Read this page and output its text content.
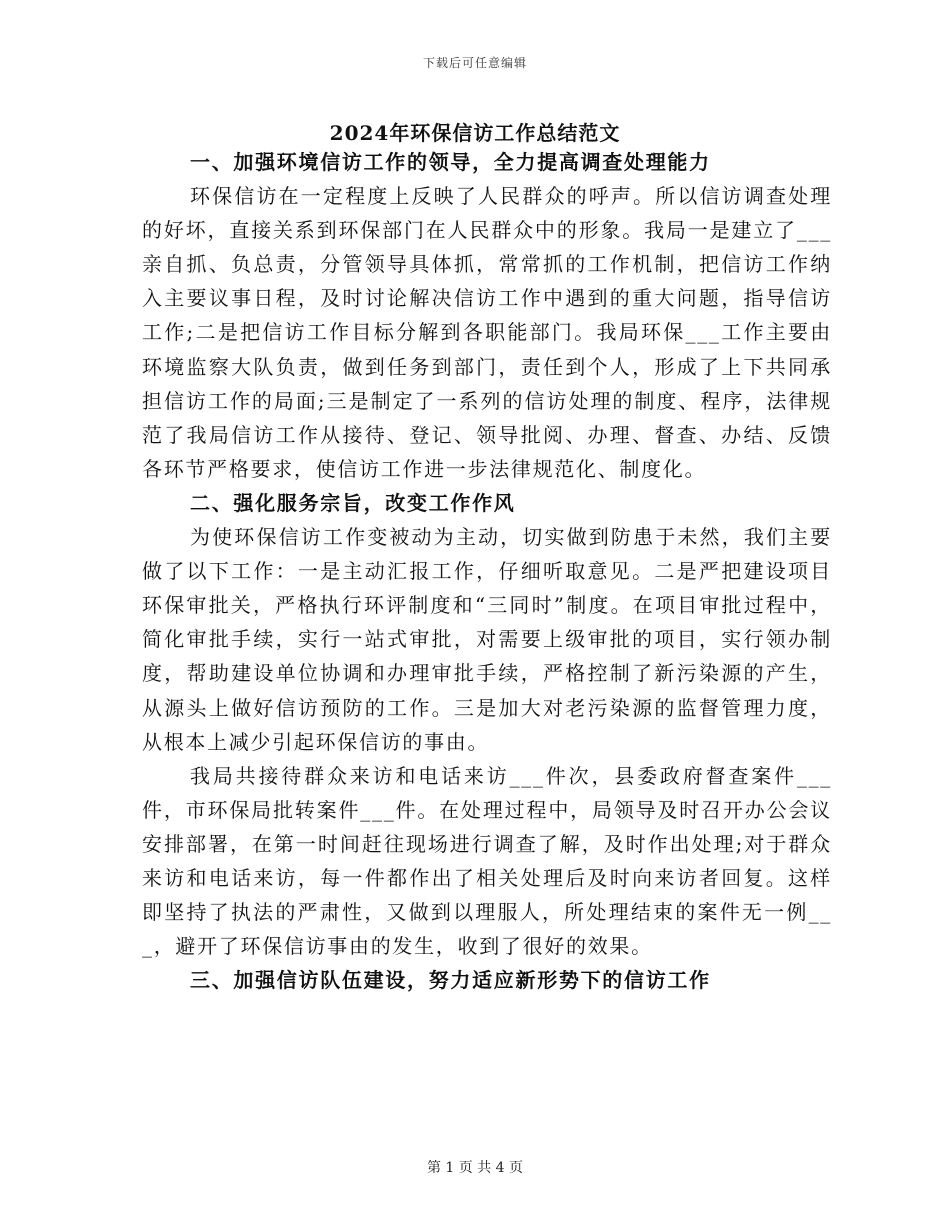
下载后可任意编辑
2024年环保信访工作总结范文
一、加强环境信访工作的领导，全力提高调查处理能力
环保信访在一定程度上反映了人民群众的呼声。所以信访调查处理的好坏，直接关系到环保部门在人民群众中的形象。我局一是建立了___亲自抓、负总责，分管领导具体抓，常常抓的工作机制，把信访工作纳入主要议事日程，及时讨论解决信访工作中遇到的重大问题，指导信访工作;二是把信访工作目标分解到各职能部门。我局环保___工作主要由环境监察大队负责，做到任务到部门，责任到个人，形成了上下共同承担信访工作的局面;三是制定了一系列的信访处理的制度、程序，法律规范了我局信访工作从接待、登记、领导批阅、办理、督查、办结、反馈各环节严格要求，使信访工作进一步法律规范化、制度化。
二、强化服务宗旨，改变工作作风
为使环保信访工作变被动为主动，切实做到防患于未然，我们主要做了以下工作：一是主动汇报工作，仔细听取意见。二是严把建设项目环保审批关，严格执行环评制度和“三同时”制度。在项目审批过程中，简化审批手续，实行一站式审批，对需要上级审批的项目，实行领办制度，帮助建设单位协调和办理审批手续，严格控制了新污染源的产生，从源头上做好信访预防的工作。三是加大对老污染源的监督管理力度，从根本上减少引起环保信访的事由。
我局共接待群众来访和电话来访___件次，县委政府督查案件___件，市环保局批转案件___件。在处理过程中，局领导及时召开办公会议安排部署，在第一时间赶往现场进行调查了解，及时作出处理;对于群众来访和电话来访，每一件都作出了相关处理后及时向来访者回复。这样即坚持了执法的严肃性，又做到以理服人，所处理结束的案件无一例___，避开了环保信访事由的发生，收到了很好的效果。
三、加强信访队伍建设，努力适应新形势下的信访工作
第 1 页 共 4 页
